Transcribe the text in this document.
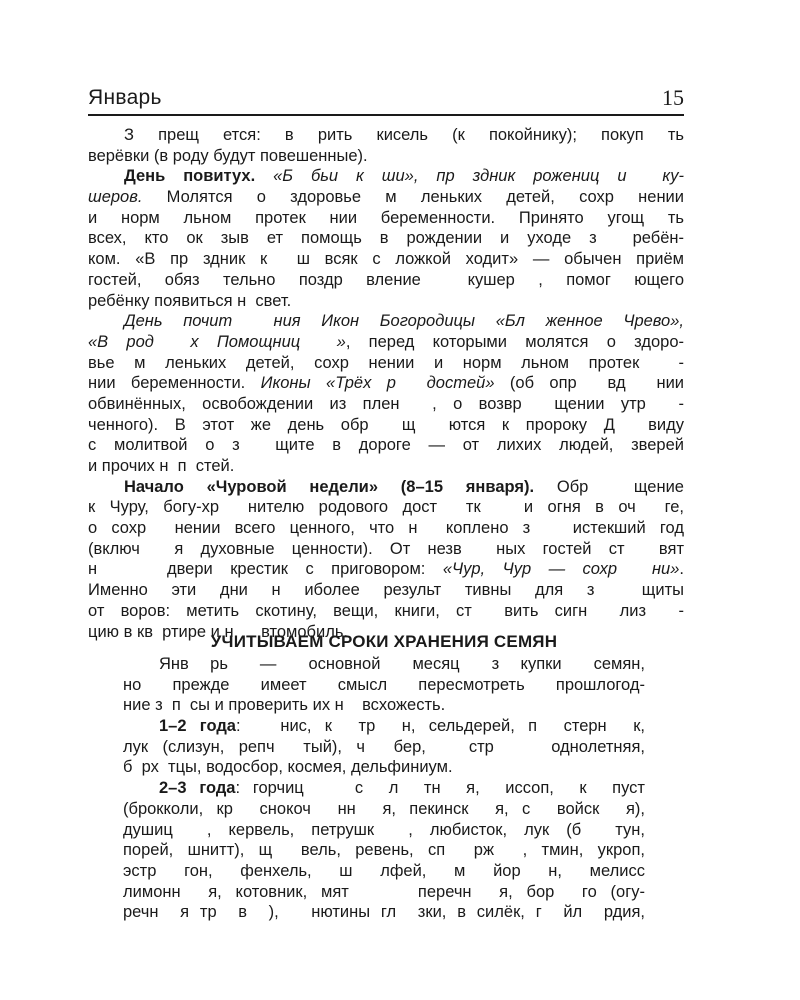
Январь	15
З прещ ется: в рить кисель (к покойнику); покуп ть
верёвки (в роду будут повешенные).
День повитух. «Б бьи к ши», пр здник рожениц и  ку-
шеров. Молятся о здоровье м леньких детей, сохр нении
и норм льном протек нии беременности. Принято угощ ть
всех, кто ок зыв ет помощь в рождении и уходе з  ребён-
ком. «В пр здник к  ш всяк с ложкой ходит» — обычен приём
гостей, обяз тельно поздр вление  кушер , помог ющего
ребёнку появиться н  свет.
День почит  ния Икон Богородицы «Бл женное Чрево»,
«В род  х Помощниц  », перед которыми молятся о здоро-
вье м леньких детей, сохр нении и норм льном протек  -
нии беременности. Иконы «Трёх р  достей» (об опр  вд  нии
обвинённых, освобождении из плен  , о возвр  щении утр  -
ченного). В этот же день обр  щ  ются к пророку Д  виду
с молитвой о з  щите в дороге — от лихих людей, зверей
и прочих н  п  стей.
Начало «Чуровой недели» (8–15 января). Обр  щение
к Чуру, богу-хр  нителю родового дост  тк   и огня в оч  ге,
о сохр  нении всего ценного, что н  коплено з   истекший год
(включ  я духовные ценности). От незв  ных гостей ст  вят
н    двери крестик с приговором: «Чур, Чур — сохр  ни».
Именно эти дни н иболее результ тивны для з  щиты
от воров: метить скотину, вещи, книги, ст  вить сигн  лиз  -
цию в кв  ртире и н      втомобиль.
УЧИТЫВАЕМ СРОКИ ХРАНЕНИЯ СЕМЯН
Янв  рь   —   основной   месяц   з  купки   семян,
но прежде имеет смысл пересмотреть прошлогод-
ние з  п  сы и проверить их н    всхожесть.
1–2 года:   нис, к  тр  н, сельдерей, п  стерн  к,
лук (слизун, репч  тый), ч  бер,   стр    однолетняя,
б  рх  тцы, водосбор, космея, дельфиниум.
2–3 года: горчиц    с  л  тн  я,  иссоп,  к  пуст
(брокколи, кр  снокоч  нн  я, пекинск  я, с  войск  я),
душиц  , кервель, петрушк  , любисток, лук (б  тун,
порей, шнитт), щ  вель, ревень, сп  рж  , тмин, укроп,
эстр  гон,  фенхель,  ш  лфей,  м  йор  н,  мелисс
лимонн  я, котовник, мят     перечн  я, бор  го (огу-
речн  я тр  в  ),   нютины гл  зки, в силёк, г  йл  рдия,
